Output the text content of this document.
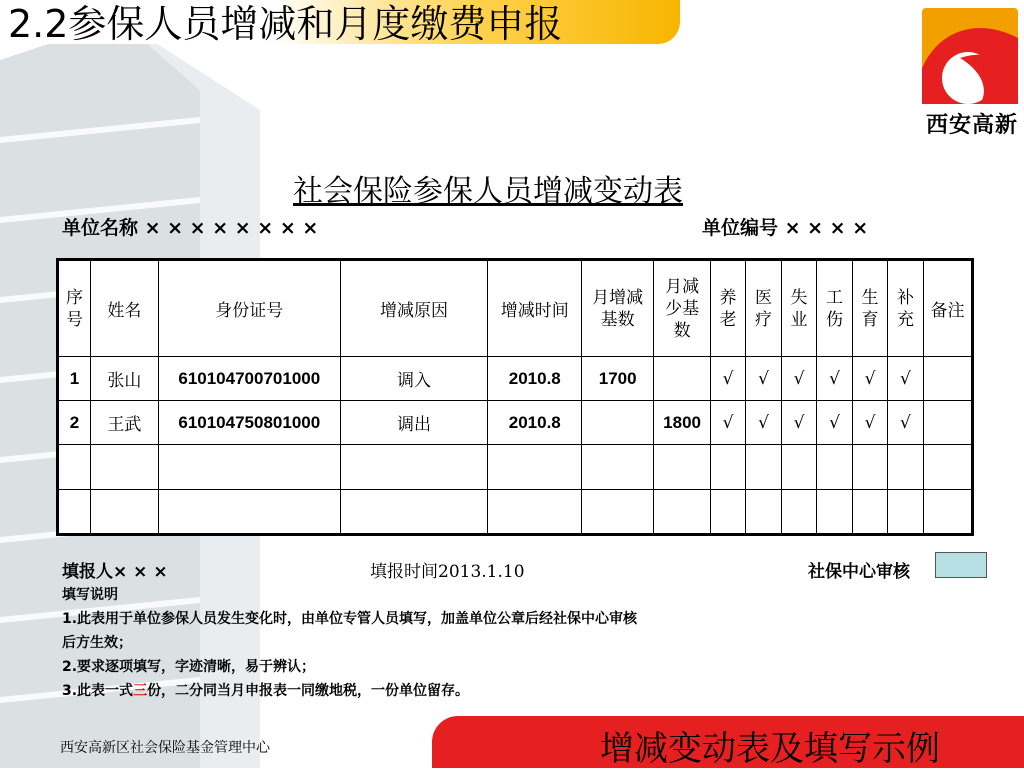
2.2参保人员增减和月度缴费申报
西安高新
社会保险参保人员增减变动表
单位名称 × × × × × × × ×	单位编号 × × × ×
序号	姓名	身份证号	增减原因	增减时间	月增减基数	月减少基数	养老	医疗	失业	工伤	生育	补充	备注
1	张山	610104700701000	调入	2010.8	1700		√	√	√	√	√	√	
2	王武	610104750801000	调出	2010.8		1800	√	√	√	√	√	√	

填报人× × ×	填报时间2013.1.10	社保中心审核
填写说明
1.此表用于单位参保人员发生变化时，由单位专管人员填写，加盖单位公章后经社保中心审核
后方生效；
2.要求逐项填写，字迹清晰，易于辨认；
3.此表一式三份，二分同当月申报表一同缴地税，一份单位留存。
西安高新区社会保险基金管理中心	增减变动表及填写示例
